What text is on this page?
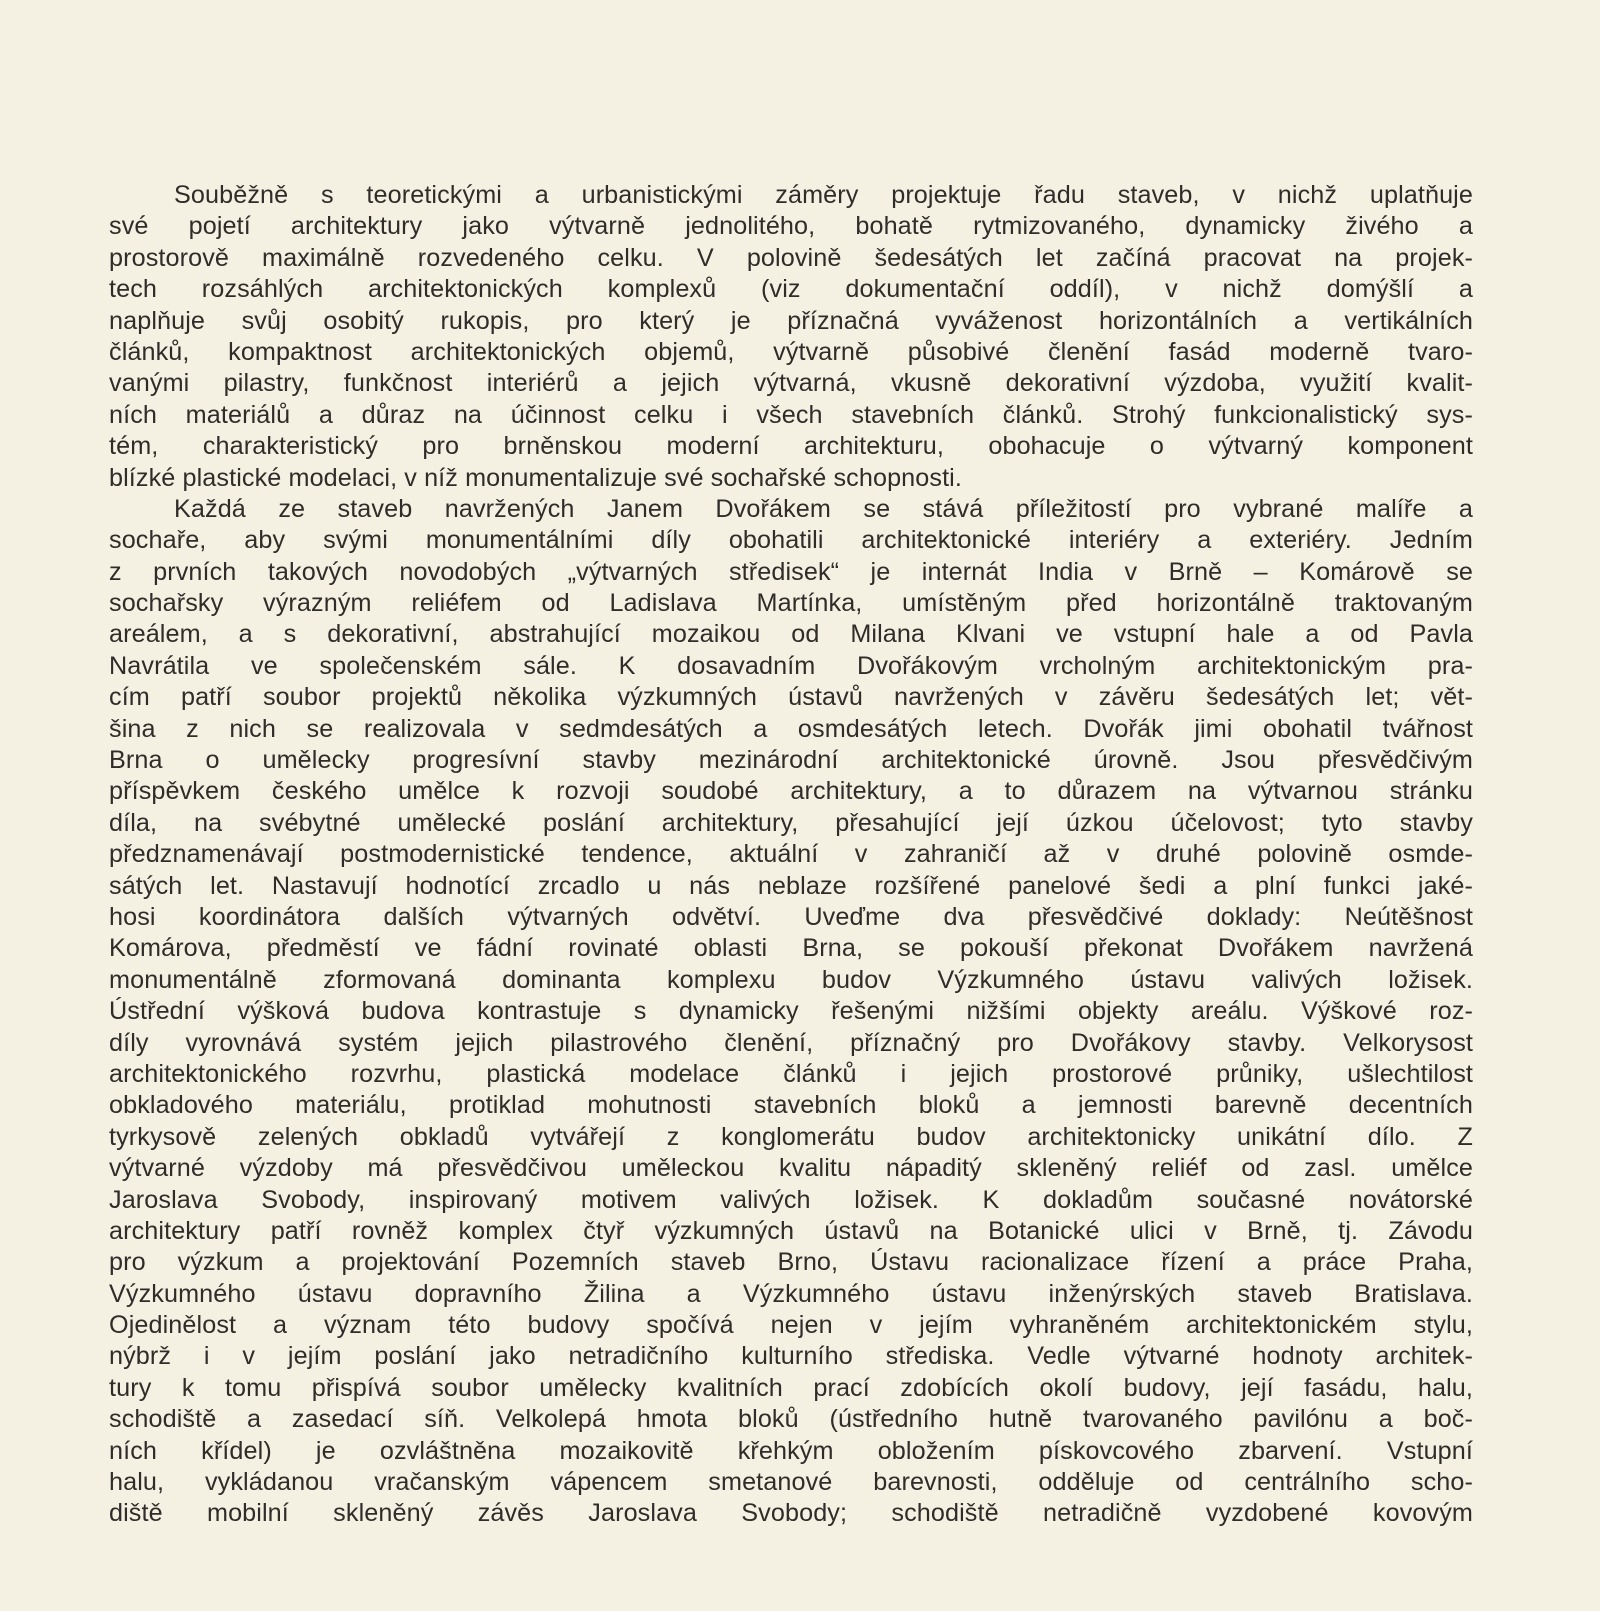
Souběžně s teoretickými a urbanistickými záměry projektuje řadu staveb, v nichž uplatňuje
své pojetí architektury jako výtvarně jednolitého, bohatě rytmizovaného, dynamicky živého a
prostorově maximálně rozvedeného celku. V polovině šedesátých let začíná pracovat na projek-
tech rozsáhlých architektonických komplexů (viz dokumentační oddíl), v nichž domýšlí a
naplňuje svůj osobitý rukopis, pro který je příznačná vyváženost horizontálních a vertikálních
článků, kompaktnost architektonických objemů, výtvarně působivé členění fasád moderně tvaro-
vanými pilastry, funkčnost interiérů a jejich výtvarná, vkusně dekorativní výzdoba, využití kvalit-
ních materiálů a důraz na účinnost celku i všech stavebních článků. Strohý funkcionalistický sys-
tém, charakteristický pro brněnskou moderní architekturu, obohacuje o výtvarný komponent
blízké plastické modelaci, v níž monumentalizuje své sochařské schopnosti.
Každá ze staveb navržených Janem Dvořákem se stává příležitostí pro vybrané malíře a
sochaře, aby svými monumentálními díly obohatili architektonické interiéry a exteriéry. Jedním
z prvních takových novodobých „výtvarných středisek“ je internát India v Brně – Komárově se
sochařsky výrazným reliéfem od Ladislava Martínka, umístěným před horizontálně traktovaným
areálem, a s dekorativní, abstrahující mozaikou od Milana Klvani ve vstupní hale a od Pavla
Navrátila ve společenském sále. K dosavadním Dvořákovým vrcholným architektonickým pra-
cím patří soubor projektů několika výzkumných ústavů navržených v závěru šedesátých let; vět-
šina z nich se realizovala v sedmdesátých a osmdesátých letech. Dvořák jimi obohatil tvářnost
Brna o umělecky progresívní stavby mezinárodní architektonické úrovně. Jsou přesvědčivým
příspěvkem českého umělce k rozvoji soudobé architektury, a to důrazem na výtvarnou stránku
díla, na svébytné umělecké poslání architektury, přesahující její úzkou účelovost; tyto stavby
předznamenávají postmodernistické tendence, aktuální v zahraničí až v druhé polovině osmde-
sátých let. Nastavují hodnotící zrcadlo u nás neblaze rozšířené panelové šedi a plní funkci jaké-
hosi koordinátora dalších výtvarných odvětví. Uveďme dva přesvědčivé doklady: Neútěšnost
Komárova, předměstí ve fádní rovinaté oblasti Brna, se pokouší překonat Dvořákem navržená
monumentálně zformovaná dominanta komplexu budov Výzkumného ústavu valivých ložisek.
Ústřední výšková budova kontrastuje s dynamicky řešenými nižšími objekty areálu. Výškové roz-
díly vyrovnává systém jejich pilastrového členění, příznačný pro Dvořákovy stavby. Velkorysost
architektonického rozvrhu, plastická modelace článků i jejich prostorové průniky, ušlechtilost
obkladového materiálu, protiklad mohutnosti stavebních bloků a jemnosti barevně decentních
tyrkysově zelených obkladů vytvářejí z konglomerátu budov architektonicky unikátní dílo. Z
výtvarné výzdoby má přesvědčivou uměleckou kvalitu nápaditý skleněný reliéf od zasl. umělce
Jaroslava Svobody, inspirovaný motivem valivých ložisek. K dokladům současné novátorské
architektury patří rovněž komplex čtyř výzkumných ústavů na Botanické ulici v Brně, tj. Závodu
pro výzkum a projektování Pozemních staveb Brno, Ústavu racionalizace řízení a práce Praha,
Výzkumného ústavu dopravního Žilina a Výzkumného ústavu inženýrských staveb Bratislava.
Ojedinělost a význam této budovy spočívá nejen v jejím vyhraněném architektonickém stylu,
nýbrž i v jejím poslání jako netradičního kulturního střediska. Vedle výtvarné hodnoty architek-
tury k tomu přispívá soubor umělecky kvalitních prací zdobících okolí budovy, její fasádu, halu,
schodiště a zasedací síň. Velkolepá hmota bloků (ústředního hutně tvarovaného pavilónu a boč-
ních křídel) je ozvláštněna mozaikovitě křehkým obložením pískovcového zbarvení. Vstupní
halu, vykládanou vračanským vápencem smetanové barevnosti, odděluje od centrálního scho-
diště mobilní skleněný závěs Jaroslava Svobody; schodiště netradičně vyzdobené kovovým
